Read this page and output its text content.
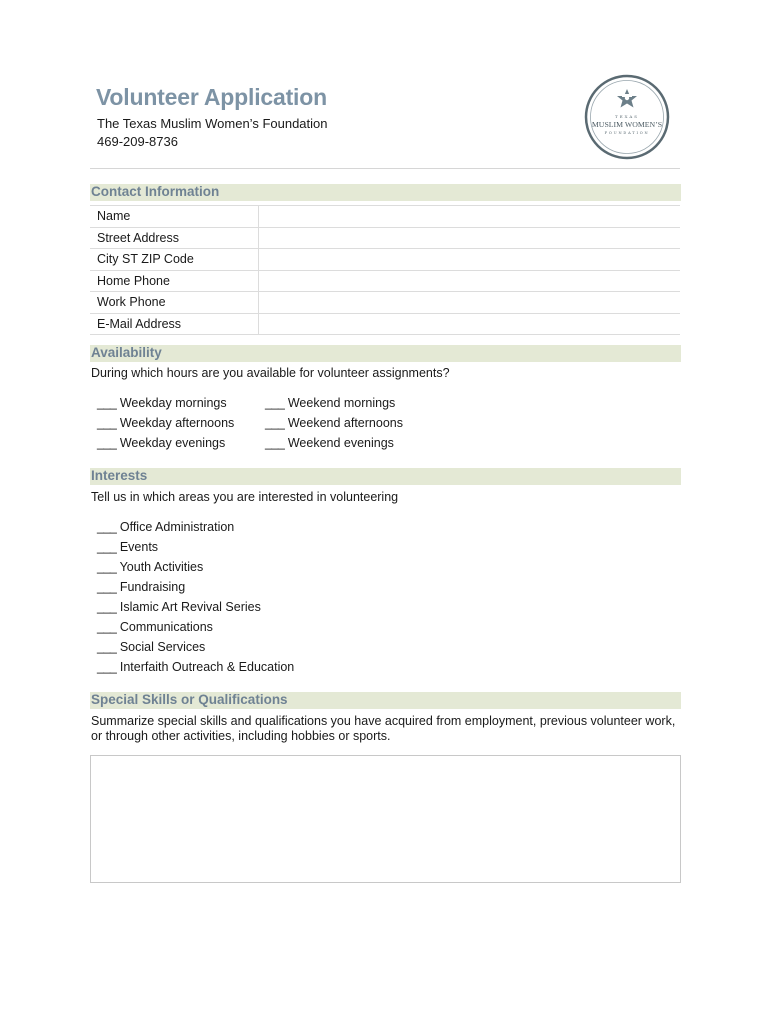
Volunteer Application
The Texas Muslim Women’s Foundation
469-209-8736
TEXAS
MUSLIM WOMEN’S
FOUNDATION
Contact Information
Name	
Street Address	
City ST ZIP Code	
Home Phone	
Work Phone	
E-Mail Address	
Availability
During which hours are you available for volunteer assignments?
___ Weekday mornings
___ Weekday afternoons
___ Weekday evenings
___ Weekend mornings
___ Weekend afternoons
___ Weekend evenings
Interests
Tell us in which areas you are interested in volunteering
___ Office Administration
___ Events
___ Youth Activities
___ Fundraising
___ Islamic Art Revival Series
___ Communications
___ Social Services
___ Interfaith Outreach & Education
Special Skills or Qualifications
Summarize special skills and qualifications you have acquired from employment, previous volunteer work,
or through other activities, including hobbies or sports.
